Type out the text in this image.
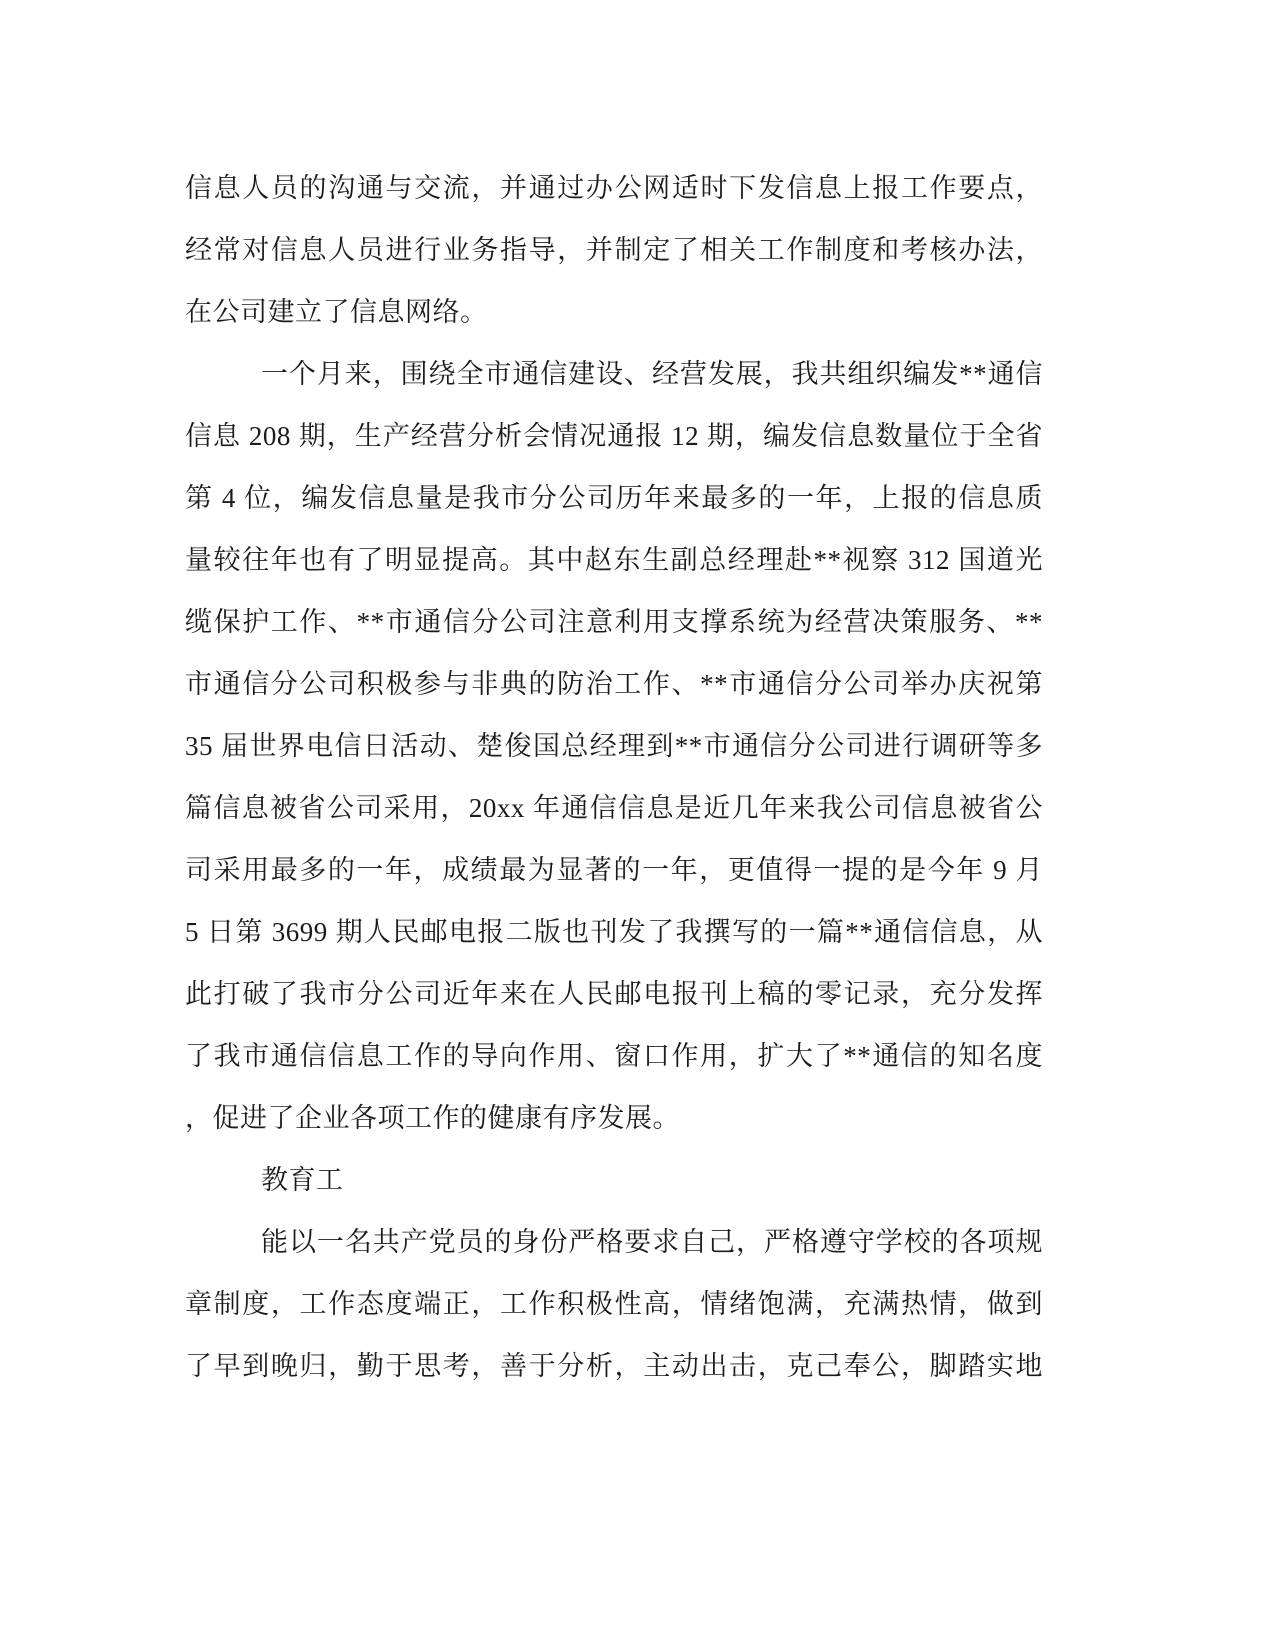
信息人员的沟通与交流，并通过办公网适时下发信息上报工作要点，
经常对信息人员进行业务指导，并制定了相关工作制度和考核办法，
在公司建立了信息网络。
一个月来，围绕全市通信建设、经营发展，我共组织编发**通信
信息 208 期，生产经营分析会情况通报 12 期，编发信息数量位于全省
第 4 位，编发信息量是我市分公司历年来最多的一年，上报的信息质
量较往年也有了明显提高。其中赵东生副总经理赴**视察 312 国道光
缆保护工作、**市通信分公司注意利用支撑系统为经营决策服务、**
市通信分公司积极参与非典的防治工作、**市通信分公司举办庆祝第
35 届世界电信日活动、楚俊国总经理到**市通信分公司进行调研等多
篇信息被省公司采用，20xx 年通信信息是近几年来我公司信息被省公
司采用最多的一年，成绩最为显著的一年，更值得一提的是今年 9 月
5 日第 3699 期人民邮电报二版也刊发了我撰写的一篇**通信信息，从
此打破了我市分公司近年来在人民邮电报刊上稿的零记录，充分发挥
了我市通信信息工作的导向作用、窗口作用，扩大了**通信的知名度
，促进了企业各项工作的健康有序发展。
教育工
能以一名共产党员的身份严格要求自己，严格遵守学校的各项规
章制度，工作态度端正，工作积极性高，情绪饱满，充满热情，做到
了早到晚归，勤于思考，善于分析，主动出击，克己奉公，脚踏实地
